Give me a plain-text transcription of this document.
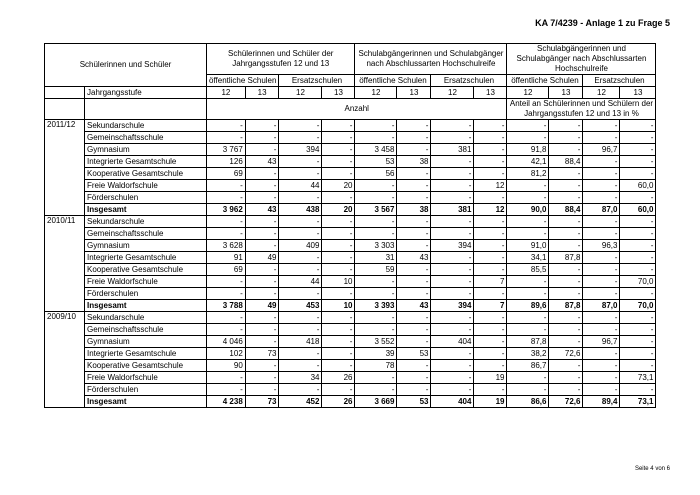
KA 7/4239 - Anlage 1 zu Frage 5
Schülerinnen und Schüler		Schülerinnen und Schüler der Jahrgangsstufen 12 und 13				Schulabgängerinnen und Schulabgänger nach Abschlussarten Hochschulreife				Schulabgängerinnen und Schulabgänger nach Abschlussarten Hochschulreife			
		öffentliche Schulen		Ersatzschulen		öffentliche Schulen		Ersatzschulen		öffentliche Schulen		Ersatzschulen	
	Jahrgangsstufe	12	13	12	13	12	13	12	13	12	13	12	13
		Anzahl								Anteil an Schülerinnen und Schülern der Jahrgangsstufen 12 und 13 in %			
2011/12	Sekundarschule	-	-	-	-	-	-	-	-	-	-	-	-
	Gemeinschaftsschule	-	-	-	-	-	-	-	-	-	-	-	-
	Gymnasium	3 767	-	394	-	3 458	-	381	-	91,8	-	96,7	-
	Integrierte Gesamtschule	126	43	-	-	53	38	-	-	42,1	88,4	-	-
	Kooperative Gesamtschule	69	-	-	-	56	-	-	-	81,2	-	-	-
	Freie Waldorfschule	-	-	44	20	-	-	-	12	-	-	-	60,0
	Förderschulen	-	-	-	-	-	-	-	-	-	-	-	-
	Insgesamt	3 962	43	438	20	3 567	38	381	12	90,0	88,4	87,0	60,0
2010/11	Sekundarschule	-	-	-	-	-	-	-	-	-	-	-	-
	Gemeinschaftsschule	-	-	-	-	-	-	-	-	-	-	-	-
	Gymnasium	3 628	-	409	-	3 303	-	394	-	91,0	-	96,3	-
	Integrierte Gesamtschule	91	49	-	-	31	43	-	-	34,1	87,8	-	-
	Kooperative Gesamtschule	69	-	-	-	59	-	-	-	85,5	-	-	-
	Freie Waldorfschule	-	-	44	10	-	-	-	7	-	-	-	70,0
	Förderschulen	-	-	-	-	-	-	-	-	-	-	-	-
	Insgesamt	3 788	49	453	10	3 393	43	394	7	89,6	87,8	87,0	70,0
2009/10	Sekundarschule	-	-	-	-	-	-	-	-	-	-	-	-
	Gemeinschaftsschule	-	-	-	-	-	-	-	-	-	-	-	-
	Gymnasium	4 046	-	418	-	3 552	-	404	-	87,8	-	96,7	-
	Integrierte Gesamtschule	102	73	-	-	39	53	-	-	38,2	72,6	-	-
	Kooperative Gesamtschule	90	-	-	-	78	-	-	-	86,7	-	-	-
	Freie Waldorfschule	-	-	34	26	-	-	-	19	-	-	-	73,1
	Förderschulen	-	-	-	-	-	-	-	-	-	-	-	-
	Insgesamt	4 238	73	452	26	3 669	53	404	19	86,6	72,6	89,4	73,1
Seite 4 von 6
